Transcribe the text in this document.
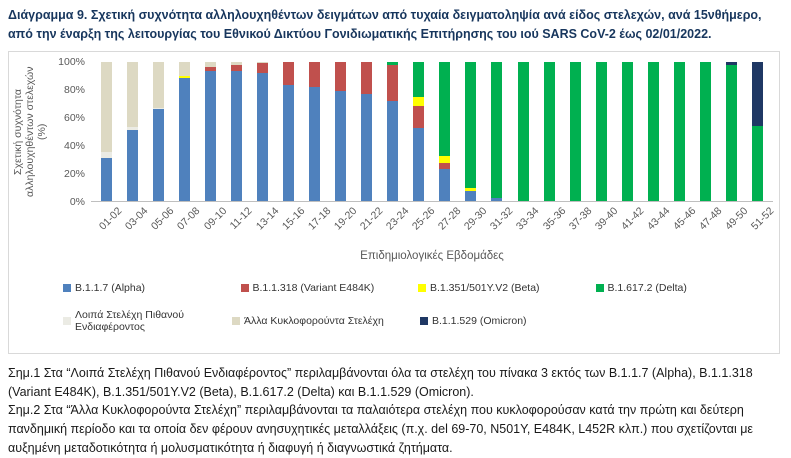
Διάγραμμα 9. Σχετική συχνότητα αλληλουχηθέντων δειγμάτων από τυχαία δειγματοληψία ανά είδος στελεχών, ανά 15νθήμερο, από την έναρξη της λειτουργίας του Εθνικού Δικτύου Γονιδιωματικής Επιτήρησης του ιού SARS CoV-2 έως 02/01/2022.
Σχετική συχνότητα αλληλουχηθέντων στελεχών (%)
0%
20%
40%
60%
80%
100%
01-02
03-04
05-06
07-08
09-10 11-12
13-14
15-16
17-18
19-20
21-22
23-24
25-26
27-28
29-30
31-32
33-34
35-36
37-38
39-40
41-42
43-44
45-46
47-48
49-50
51-52
Επιδημιολογικές Εβδομάδες
B.1.1.7 (Alpha)	B.1.1.318 (Variant E484K)	B.1.351/501Y.V2 (Beta)	B.1.617.2 (Delta)
Λοιπά Στελέχη Πιθανού Ενδιαφέροντος	Άλλα Κυκλοφορούντα Στελέχη	B.1.1.529 (Omicron)
Σημ.1 Στα “Λοιπά Στελέχη Πιθανού Ενδιαφέροντος” περιλαμβάνονται όλα τα στελέχη του πίνακα 3 εκτός των B.1.1.7 (Alpha), B.1.1.318 (Variant E484K), B.1.351/501Y.V2 (Beta), B.1.617.2 (Delta) και B.1.1.529 (Omicron).
Σημ.2 Στα “Άλλα Κυκλοφορούντα Στελέχη” περιλαμβάνονται τα παλαιότερα στελέχη που κυκλοφορούσαν κατά την πρώτη και δεύτερη πανδημική περίοδο και τα οποία δεν φέρουν ανησυχητικές μεταλλάξεις (π.χ. del 69-70, N501Y, E484K, L452R κλπ.) που σχετίζονται με αυξημένη μεταδοτικότητα ή μολυσματικότητα ή διαφυγή ή διαγνωστικά ζητήματα.
